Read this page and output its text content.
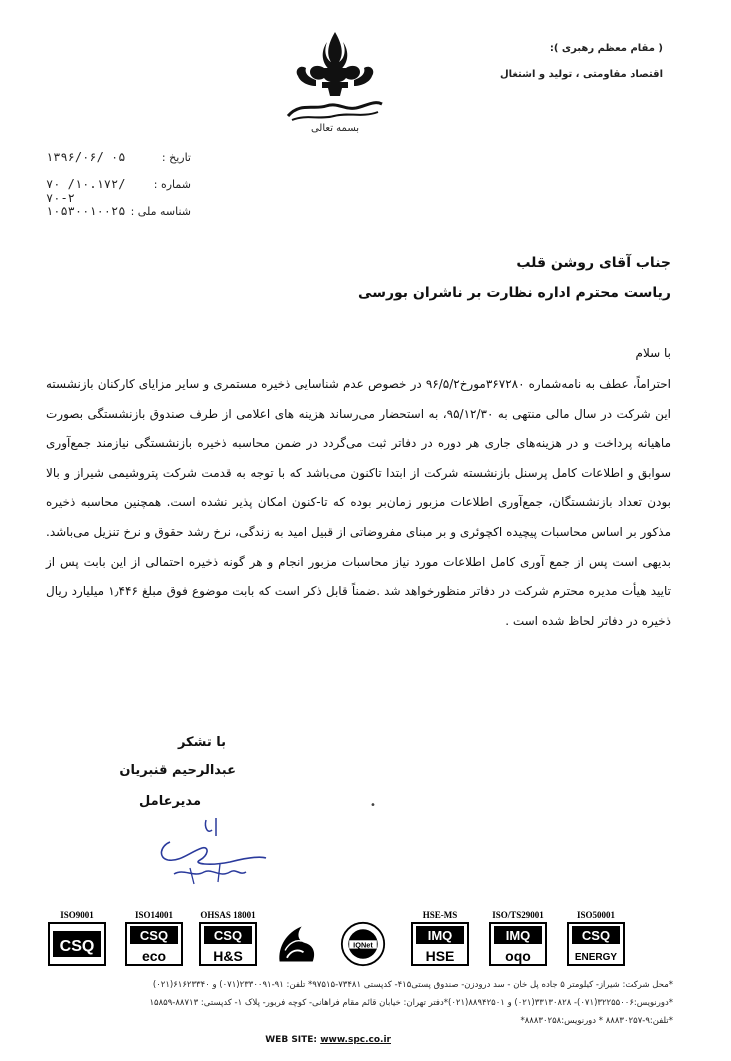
( مقام معظم رهبری ):
اقتصاد مقاومتی ، تولید و اشتغال
بسمه تعالی
تاریخ :
۱۳۹۶/۰۶/ ۰۵
شماره :
۷۰ /۱۰.۱۷۲/ ۷۰-۲
شناسه ملی :
۱۰۵۳۰۰۱۰۰۲۵
جناب آقای روشن قلب
ریاست محترم اداره نظارت بر ناشران بورسی
با سلام
احتراماً، عطف به نامه‌شماره ۳۶۷۲۸۰مورخ۹۶/۵/۲ در خصوص عدم شناسایی ذخیره مستمری و سایر مزایای کارکنان بازنشسته این شرکت در سال مالی منتهی به ۹۵/۱۲/۳۰، به استحضار می‌رساند هزینه های اعلامی از طرف صندوق بازنشستگی بصورت ماهیانه پرداخت و در هزینه‌های جاری هر دوره در دفاتر ثبت می‌گردد در ضمن محاسبه ذخیره بازنشستگی نیازمند جمع‌آوری سوابق و اطلاعات کامل پرسنل بازنشسته شرکت از ابتدا تاکنون می‌باشد که با توجه به قدمت شرکت پتروشیمی شیراز و بالا بودن تعداد بازنشستگان، جمع‌آوری اطلاعات مزبور زمان‌بر بوده که تا-کنون امکان پذیر نشده است. همچنین محاسبه ذخیره مذکور بر اساس محاسبات پیچیده اکچوئری و بر مبنای مفروضاتی از قبیل امید به زندگی، نرخ رشد حقوق و نرخ تنزیل می‌باشد. بدیهی است پس از جمع آوری کامل اطلاعات مورد نیاز محاسبات مزبور انجام و هر گونه ذخیره احتمالی از این بابت پس از تایید هیأت مدیره محترم شرکت در دفاتر منظورخواهد شد .ضمناً قابل ذکر است که بابت موضوع فوق مبلغ ۱٫۴۴۶ میلیارد ریال ذخیره در دفاتر لحاظ شده است .
با تشکر
عبدالرحیم قنبریان
مدیرعامل	•
ISO9001
CSQ
ISO14001
CSQ
eco
OHSAS 18001
CSQ
H&S
IQNet
HSE-MS
IMQ
HSE
ISO/TS29001
IMQ
oqo
ISO50001
CSQ
ENERGY
*محل شرکت: شیراز- کیلومتر ۵ جاده پل خان - سد درودزن- صندوق پستی۴۱۵- کدپستی ۷۳۴۸۱-۹۷۵۱۵* تلفن: ۹۱-۲۳۳۰۰۹۱(۰۷۱) و ۶۱۶۲۳۳۴۰(۰۲۱)
*دورنویس:۳۲۲۵۵۰۰۶(۰۷۱)- ۳۳۱۳۰۸۲۸(۰۲۱) و ۸۸۹۴۲۵۰۱(۰۲۱)*دفتر تهران: خیابان قائم مقام فراهانی- کوچه فربور- پلاک ۱- کدپستی: ۸۸۷۱۳-۱۵۸۵۹
*تلفن:۹-۸۸۸۳۰۲۵۷ * دورنویس:۸۸۸۳۰۲۵۸*
WEB SITE: www.spc.co.ir
